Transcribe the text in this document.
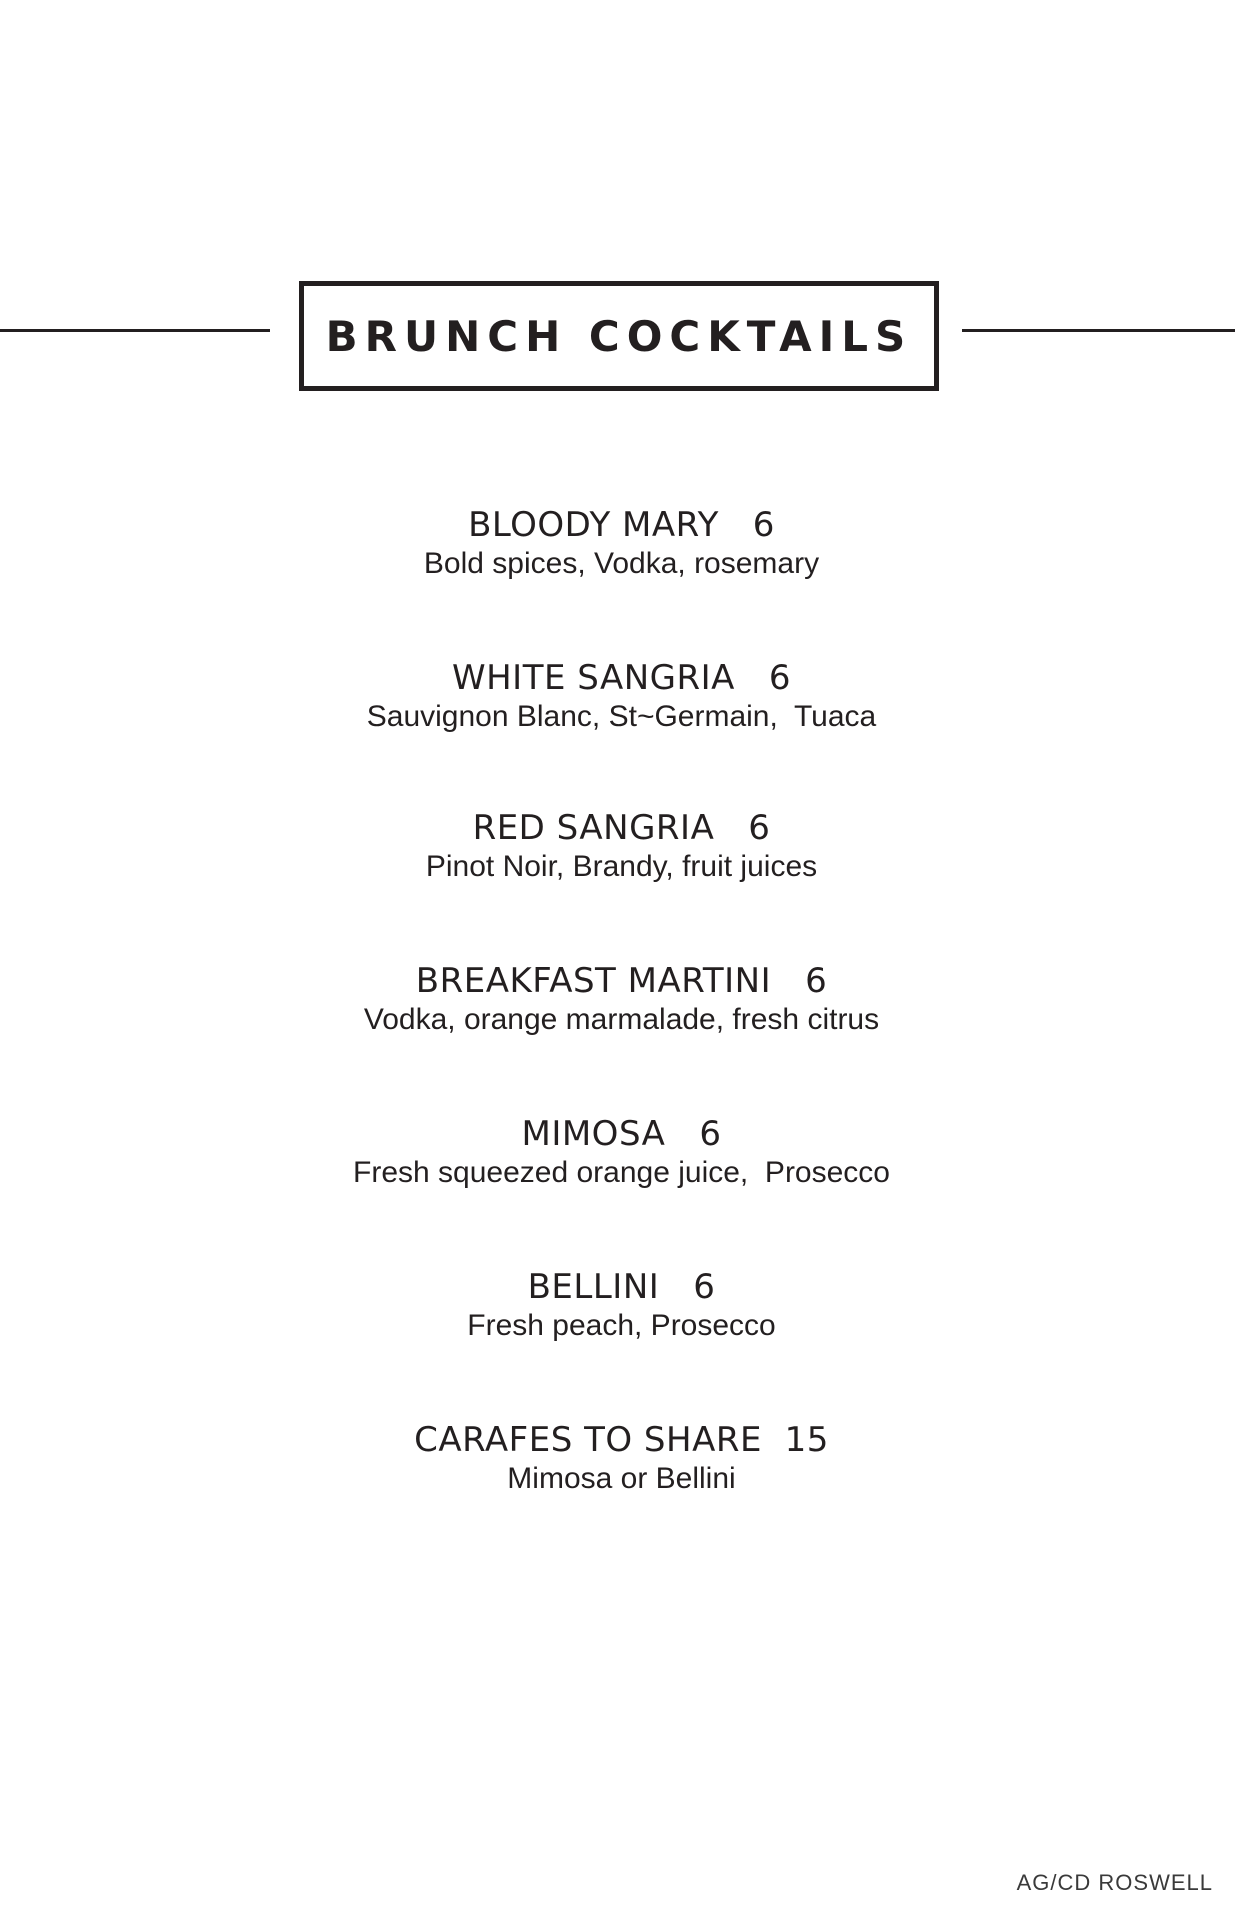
BRUNCH COCKTAILS
BLOODY MARY 6
Bold spices, Vodka, rosemary
WHITE SANGRIA 6
Sauvignon Blanc, St~Germain,  Tuaca
RED SANGRIA 6
Pinot Noir, Brandy, fruit juices
BREAKFAST MARTINI 6
Vodka, orange marmalade, fresh citrus
MIMOSA 6
Fresh squeezed orange juice,  Prosecco
BELLINI 6
Fresh peach, Prosecco
CARAFES TO SHARE 15
Mimosa or Bellini
AG/CD ROSWELL
